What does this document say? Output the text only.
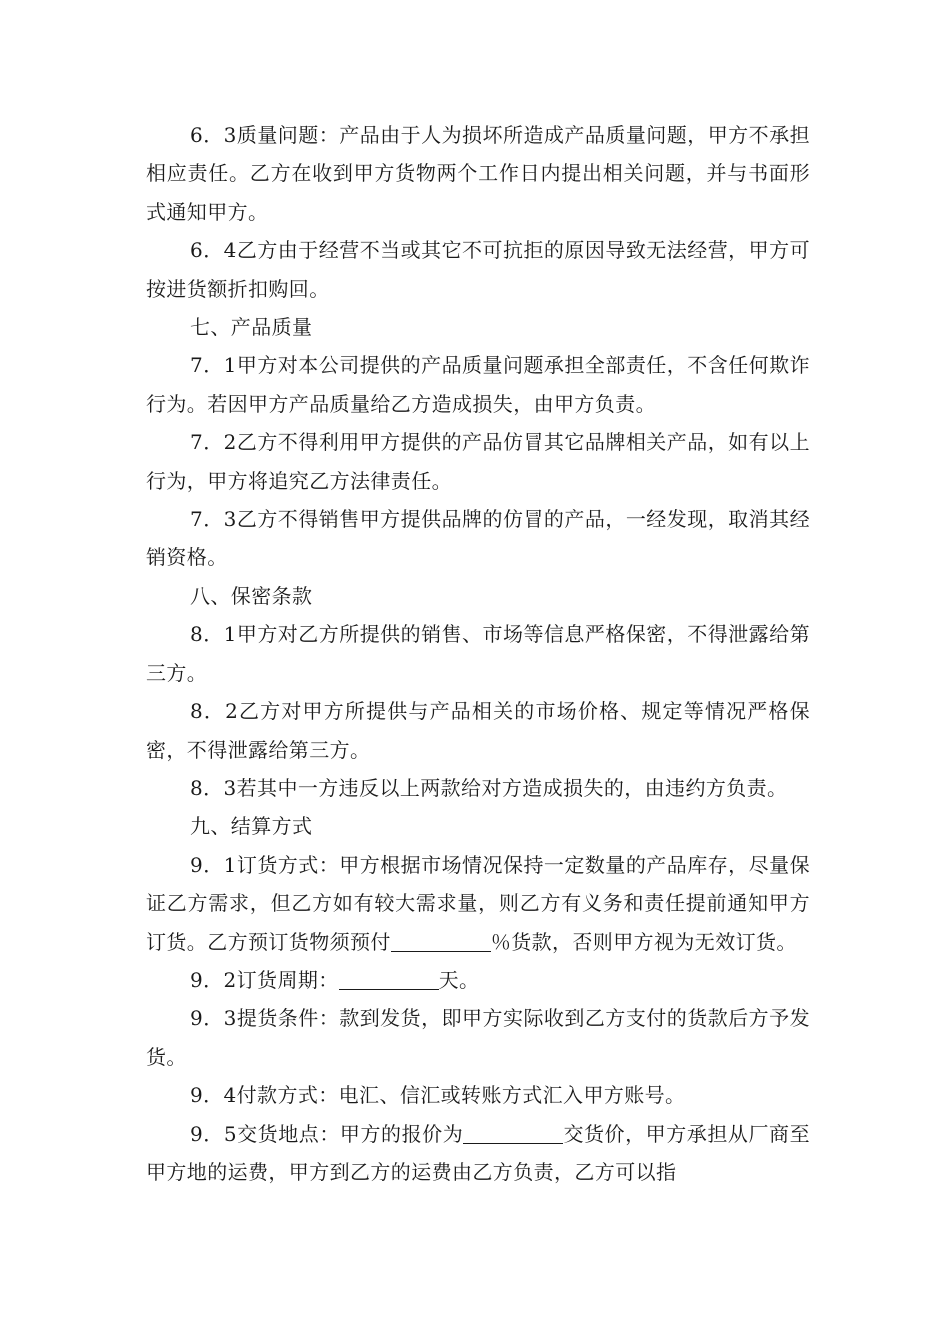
6．3质量问题：产品由于人为损坏所造成产品质量问题，甲方不承担相应责任。乙方在收到甲方货物两个工作日内提出相关问题，并与书面形式通知甲方。

6．4乙方由于经营不当或其它不可抗拒的原因导致无法经营，甲方可按进货额折扣购回。

七、产品质量

7．1甲方对本公司提供的产品质量问题承担全部责任，不含任何欺诈行为。若因甲方产品质量给乙方造成损失，由甲方负责。

7．2乙方不得利用甲方提供的产品仿冒其它品牌相关产品，如有以上行为，甲方将追究乙方法律责任。

7．3乙方不得销售甲方提供品牌的仿冒的产品，一经发现，取消其经销资格。

八、保密条款

8．1甲方对乙方所提供的销售、市场等信息严格保密，不得泄露给第三方。

8．2乙方对甲方所提供与产品相关的市场价格、规定等情况严格保密，不得泄露给第三方。

8．3若其中一方违反以上两款给对方造成损失的，由违约方负责。

九、结算方式

9．1订货方式：甲方根据市场情况保持一定数量的产品库存，尽量保证乙方需求，但乙方如有较大需求量，则乙方有义务和责任提前通知甲方订货。乙方预订货物须预付	％货款，否则甲方视为无效订货。

9．2订货周期：	天。

9．3提货条件：款到发货，即甲方实际收到乙方支付的货款后方予发货。

9．4付款方式：电汇、信汇或转账方式汇入甲方账号。

9．5交货地点：甲方的报价为	交货价，甲方承担从厂商至甲方地的运费，甲方到乙方的运费由乙方负责，乙方可以指
